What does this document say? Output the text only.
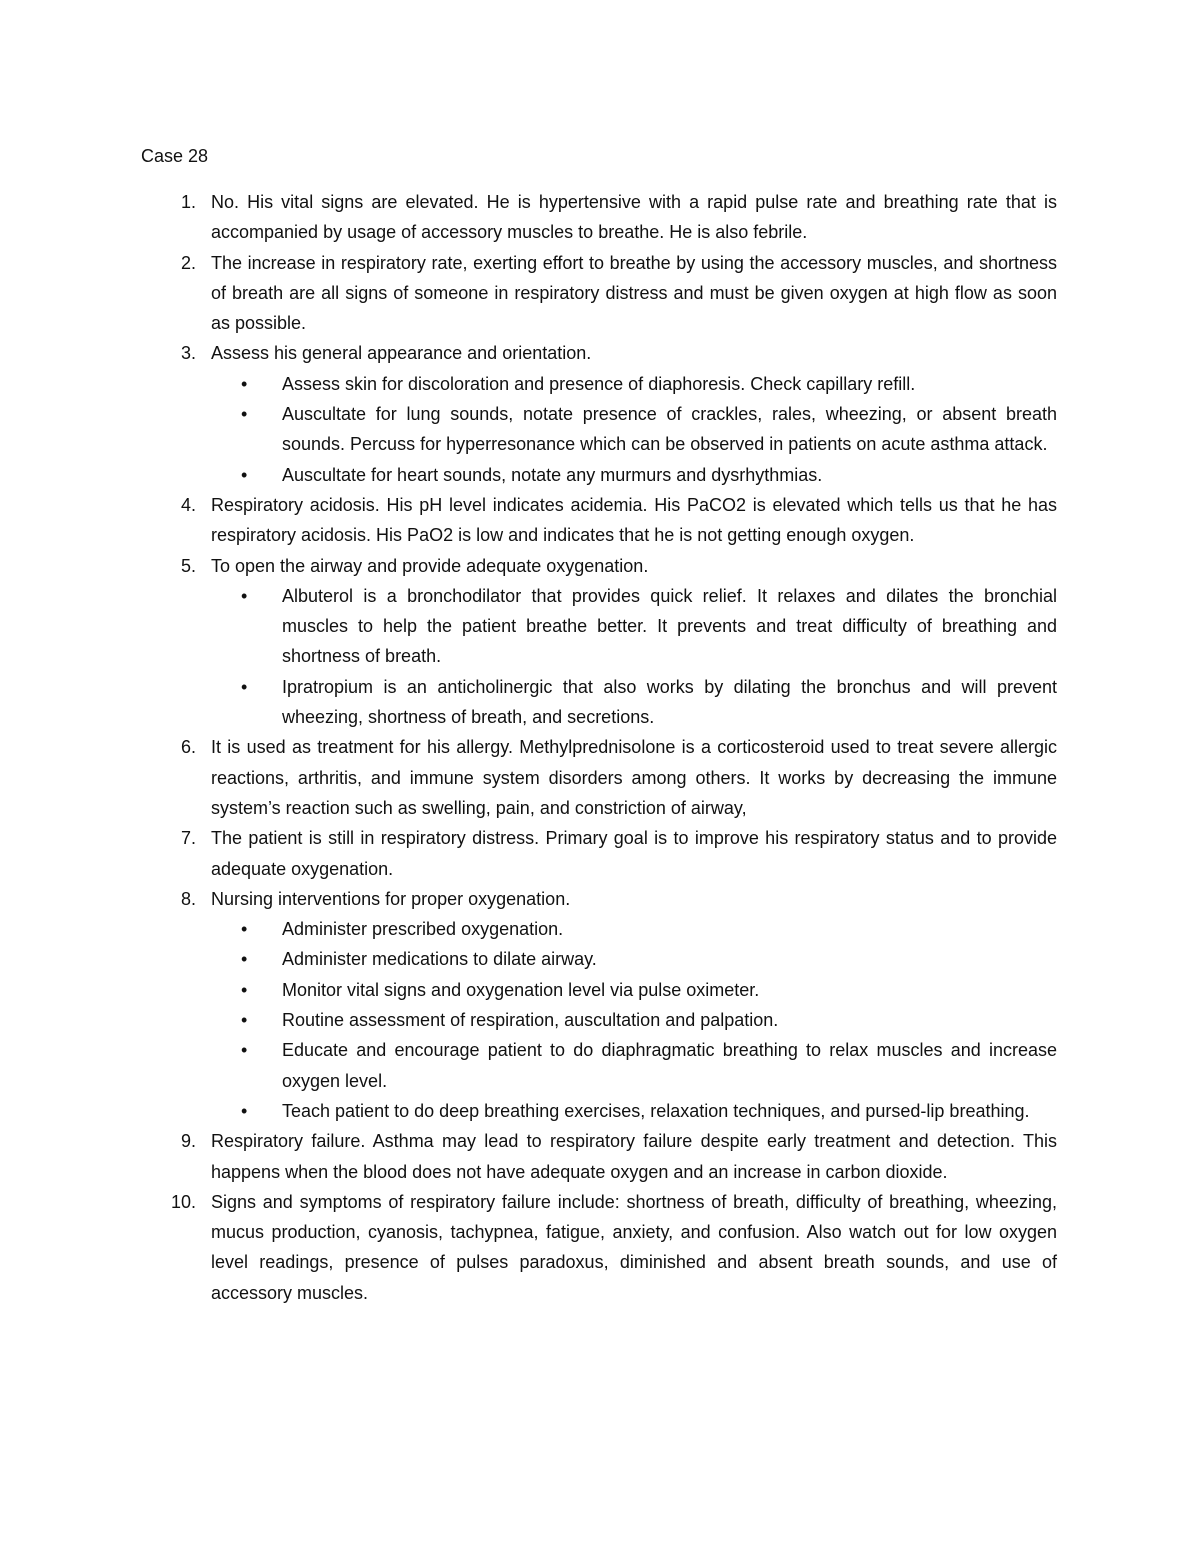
Case 28
1. No. His vital signs are elevated. He is hypertensive with a rapid pulse rate and breathing rate that is accompanied by usage of accessory muscles to breathe. He is also febrile.
2. The increase in respiratory rate, exerting effort to breathe by using the accessory muscles, and shortness of breath are all signs of someone in respiratory distress and must be given oxygen at high flow as soon as possible.
3. Assess his general appearance and orientation.
• Assess skin for discoloration and presence of diaphoresis. Check capillary refill.
• Auscultate for lung sounds, notate presence of crackles, rales, wheezing, or absent breath sounds. Percuss for hyperresonance which can be observed in patients on acute asthma attack.
• Auscultate for heart sounds, notate any murmurs and dysrhythmias.
4. Respiratory acidosis. His pH level indicates acidemia. His PaCO2 is elevated which tells us that he has respiratory acidosis. His PaO2 is low and indicates that he is not getting enough oxygen.
5. To open the airway and provide adequate oxygenation.
• Albuterol is a bronchodilator that provides quick relief. It relaxes and dilates the bronchial muscles to help the patient breathe better. It prevents and treat difficulty of breathing and shortness of breath.
• Ipratropium is an anticholinergic that also works by dilating the bronchus and will prevent wheezing, shortness of breath, and secretions.
6. It is used as treatment for his allergy. Methylprednisolone is a corticosteroid used to treat severe allergic reactions, arthritis, and immune system disorders among others. It works by decreasing the immune system’s reaction such as swelling, pain, and constriction of airway,
7. The patient is still in respiratory distress. Primary goal is to improve his respiratory status and to provide adequate oxygenation.
8. Nursing interventions for proper oxygenation.
• Administer prescribed oxygenation.
• Administer medications to dilate airway.
• Monitor vital signs and oxygenation level via pulse oximeter.
• Routine assessment of respiration, auscultation and palpation.
• Educate and encourage patient to do diaphragmatic breathing to relax muscles and increase oxygen level.
• Teach patient to do deep breathing exercises, relaxation techniques, and pursed-lip breathing.
9. Respiratory failure. Asthma may lead to respiratory failure despite early treatment and detection. This happens when the blood does not have adequate oxygen and an increase in carbon dioxide.
10. Signs and symptoms of respiratory failure include: shortness of breath, difficulty of breathing, wheezing, mucus production, cyanosis, tachypnea, fatigue, anxiety, and confusion. Also watch out for low oxygen level readings, presence of pulses paradoxus, diminished and absent breath sounds, and use of accessory muscles.
